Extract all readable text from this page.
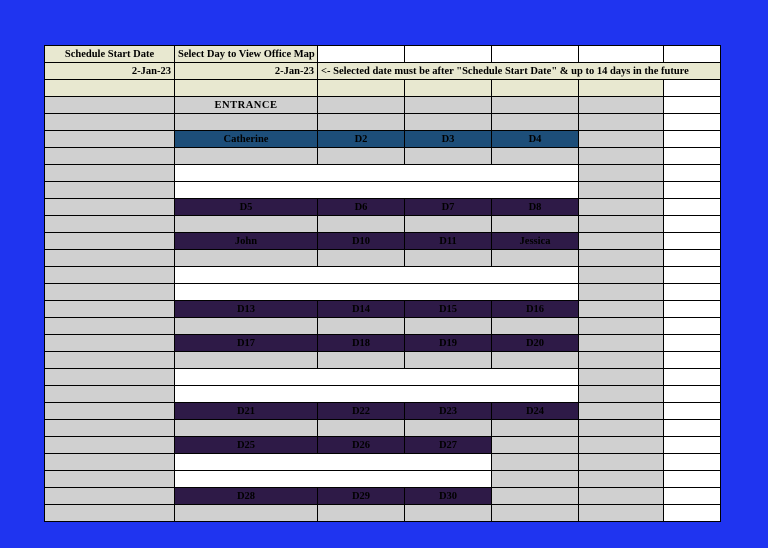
Schedule Start Date	Select Day to View Office Map					
2-Jan-23	2-Jan-23	<- Selected date must be after "Schedule Start Date" & up to 14 days in the future				

	ENTRANCE					

	Catherine	D2	D3	D4		

	D5	D6	D7	D8		

	John	D10	D11	Jessica		

	D13	D14	D15	D16		

	D17	D18	D19	D20		

	D21	D22	D23	D24		

	D25	D26	D27			

	D28	D29	D30			
